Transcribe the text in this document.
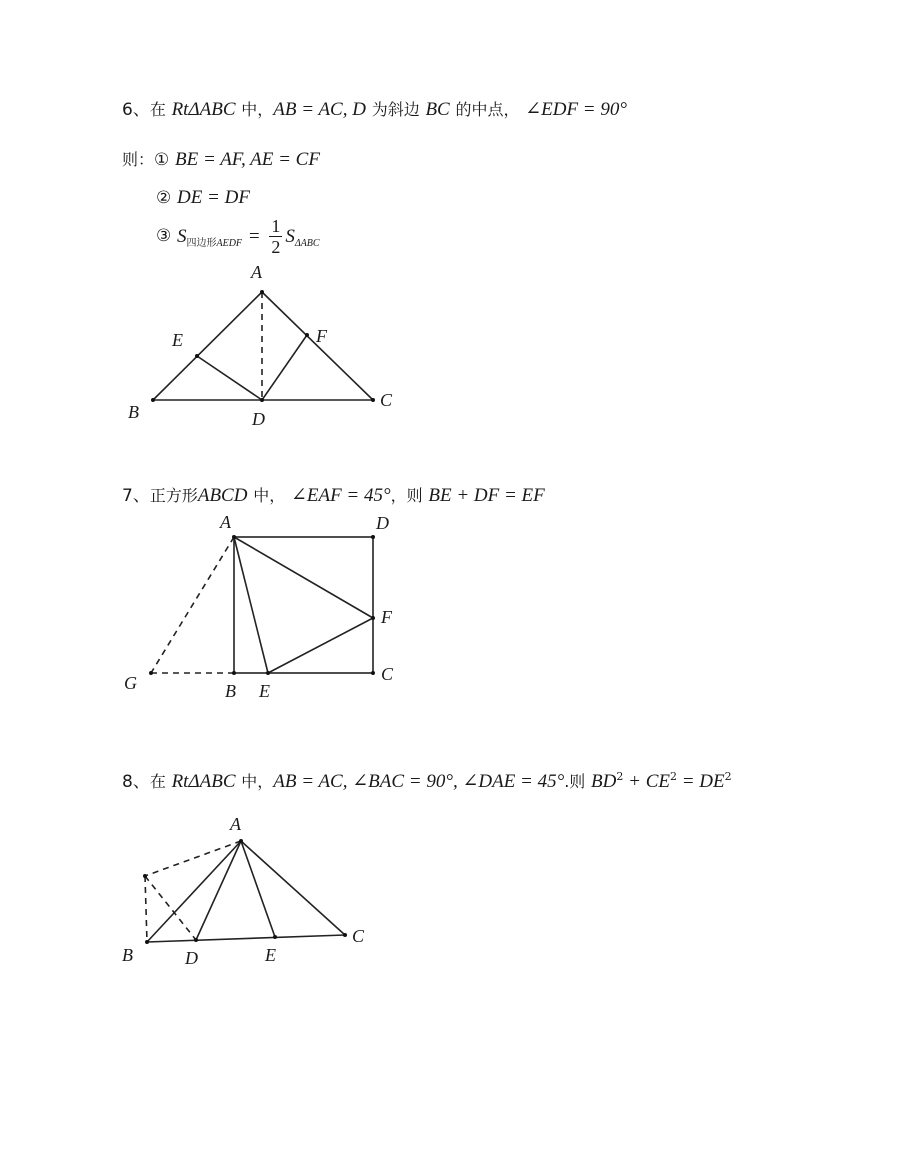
6、在 RtΔABC 中，AB = AC, D 为斜边 BC 的中点， ∠EDF = 90°
则：① BE = AF, AE = CF
② DE = DF
③ $S_{四边形AEDF} = \frac{1}{2} S_{\Delta ABC}$
7、正方形ABCD 中， ∠EAF = 45°，则 BE + DF = EF
8、在 RtΔABC 中，AB = AC, ∠BAC = 90°, ∠DAE = 45°.则 $BD^2 + CE^2 = DE^2$
A
B
C
D
E	F
A	D
F
C
B E
G
A
B
C
D	E
